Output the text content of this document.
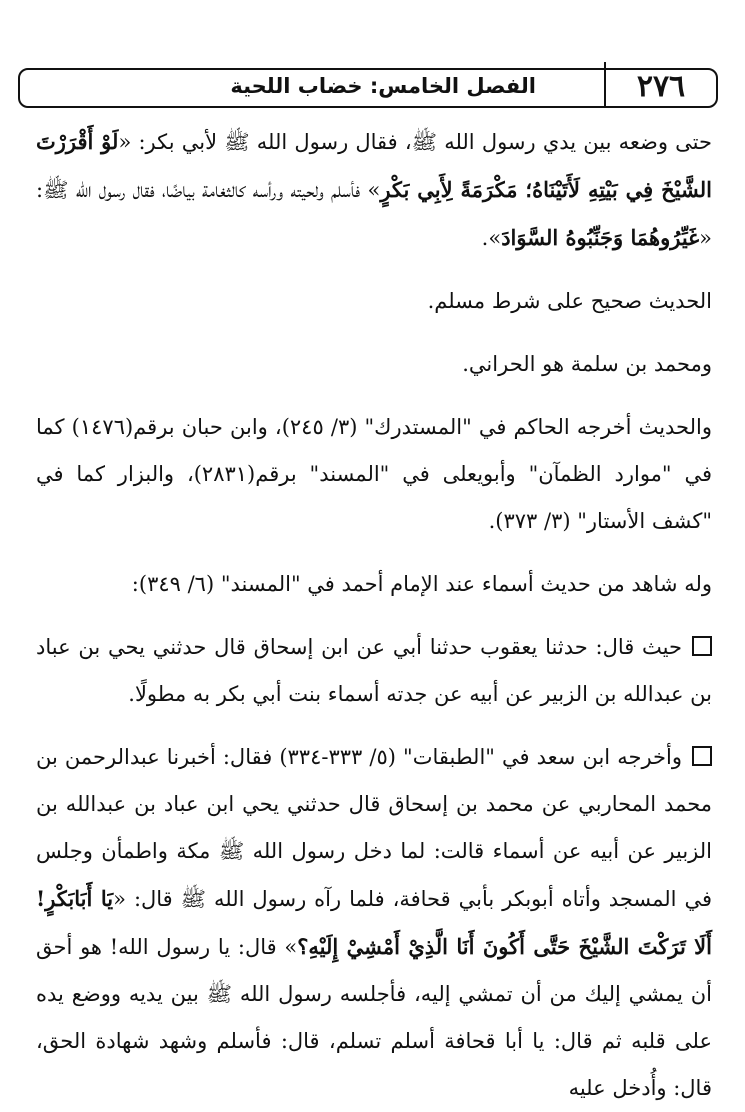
٢٧٦
الفصل الخامس: خضاب اللحية

حتى وضعه بين يدي رسول الله ﷺ، فقال رسول الله ﷺ لأبي بكر: «لَوْ أَقْرَرْتَ الشَّيْخَ فِي بَيْتِهِ لَأَتَيْنَاهُ؛ مَكْرَمَةً لِأَبِي بَكْرٍ» فأسلم ولحيته ورأسه كالثغامة بياضًا، فقال رسول الله ﷺ: «غَيِّرُوهُمَا وَجَنِّبُوهُ السَّوَادَ».

الحديث صحيح على شرط مسلم.

ومحمد بن سلمة هو الحراني.

والحديث أخرجه الحاكم في "المستدرك" (٣/ ٢٤٥)، وابن حبان برقم(١٤٧٦) كما في "موارد الظمآن" وأبويعلى في "المسند" برقم(٢٨٣١)، والبزار كما في "كشف الأستار" (٣/ ٣٧٣).

وله شاهد من حديث أسماء عند الإمام أحمد في "المسند" (٦/ ٣٤٩):

حيث قال: حدثنا يعقوب حدثنا أبي عن ابن إسحاق قال حدثني يحي بن عباد بن عبدالله بن الزبير عن أبيه عن جدته أسماء بنت أبي بكر به مطولًا.

وأخرجه ابن سعد في "الطبقات" (٥/ ٣٣٣-٣٣٤) فقال: أخبرنا عبدالرحمن بن محمد المحاربي عن محمد بن إسحاق قال حدثني يحي ابن عباد بن عبدالله بن الزبير عن أبيه عن أسماء قالت: لما دخل رسول الله ﷺ مكة واطمأن وجلس في المسجد وأتاه أبوبكر بأبي قحافة، فلما رآه رسول الله ﷺ قال: «يَا أَبَابَكْرٍ! أَلَا تَرَكْتَ الشَّيْخَ حَتَّى أَكُونَ أَنَا الَّذِيْ أَمْشِيْ إِلَيْهِ؟» قال: يا رسول الله! هو أحق أن يمشي إليك من أن تمشي إليه، فأجلسه رسول الله ﷺ بين يديه ووضع يده على قلبه ثم قال: يا أبا قحافة أسلم تسلم، قال: فأسلم وشهد شهادة الحق، قال: وأُدخل عليه
